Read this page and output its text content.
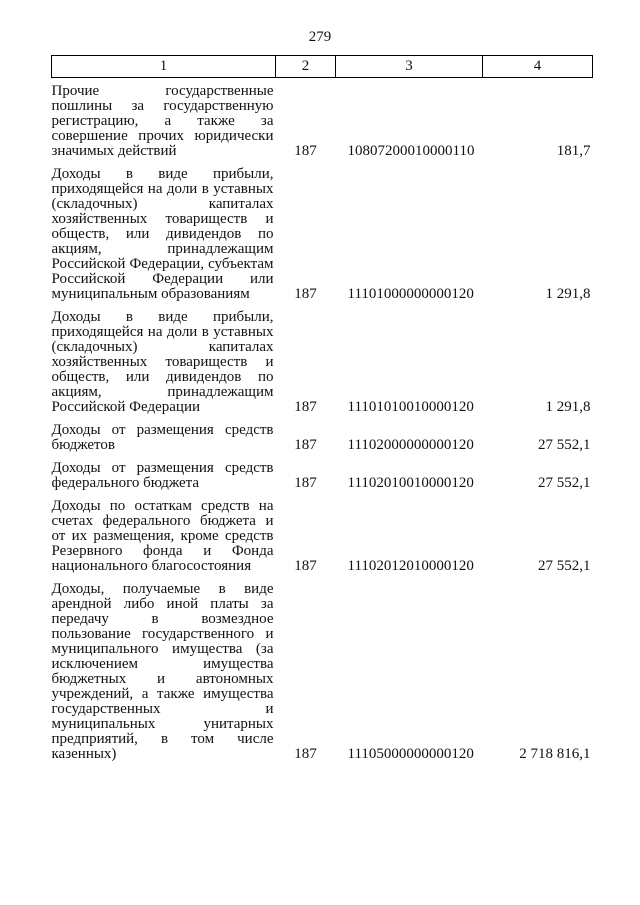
279
1	2	3	4
Прочие государственные пошлины за государственную регистрацию, а также за совершение прочих юридически значимых действий	187	10807200010000110	181,7
Доходы в виде прибыли, приходящейся на доли в уставных (складочных) капиталах хозяйственных товариществ и обществ, или дивидендов по акциям, принадлежащим Российской Федерации, субъектам Российской Федерации или муниципальным образованиям	187	11101000000000120	1 291,8
Доходы в виде прибыли, приходящейся на доли в уставных (складочных) капиталах хозяйственных товариществ и обществ, или дивидендов по акциям, принадлежащим Российской Федерации	187	11101010010000120	1 291,8
Доходы от размещения средств бюджетов	187	11102000000000120	27 552,1
Доходы от размещения средств федерального бюджета	187	11102010010000120	27 552,1
Доходы по остаткам средств на счетах федерального бюджета и от их размещения, кроме средств Резервного фонда и Фонда национального благосостояния	187	11102012010000120	27 552,1
Доходы, получаемые в виде арендной либо иной платы за передачу в возмездное пользование государственного и муниципального имущества (за исключением имущества бюджетных и автономных учреждений, а также имущества государственных и муниципальных унитарных предприятий, в том числе казенных)	187	11105000000000120	2 718 816,1
